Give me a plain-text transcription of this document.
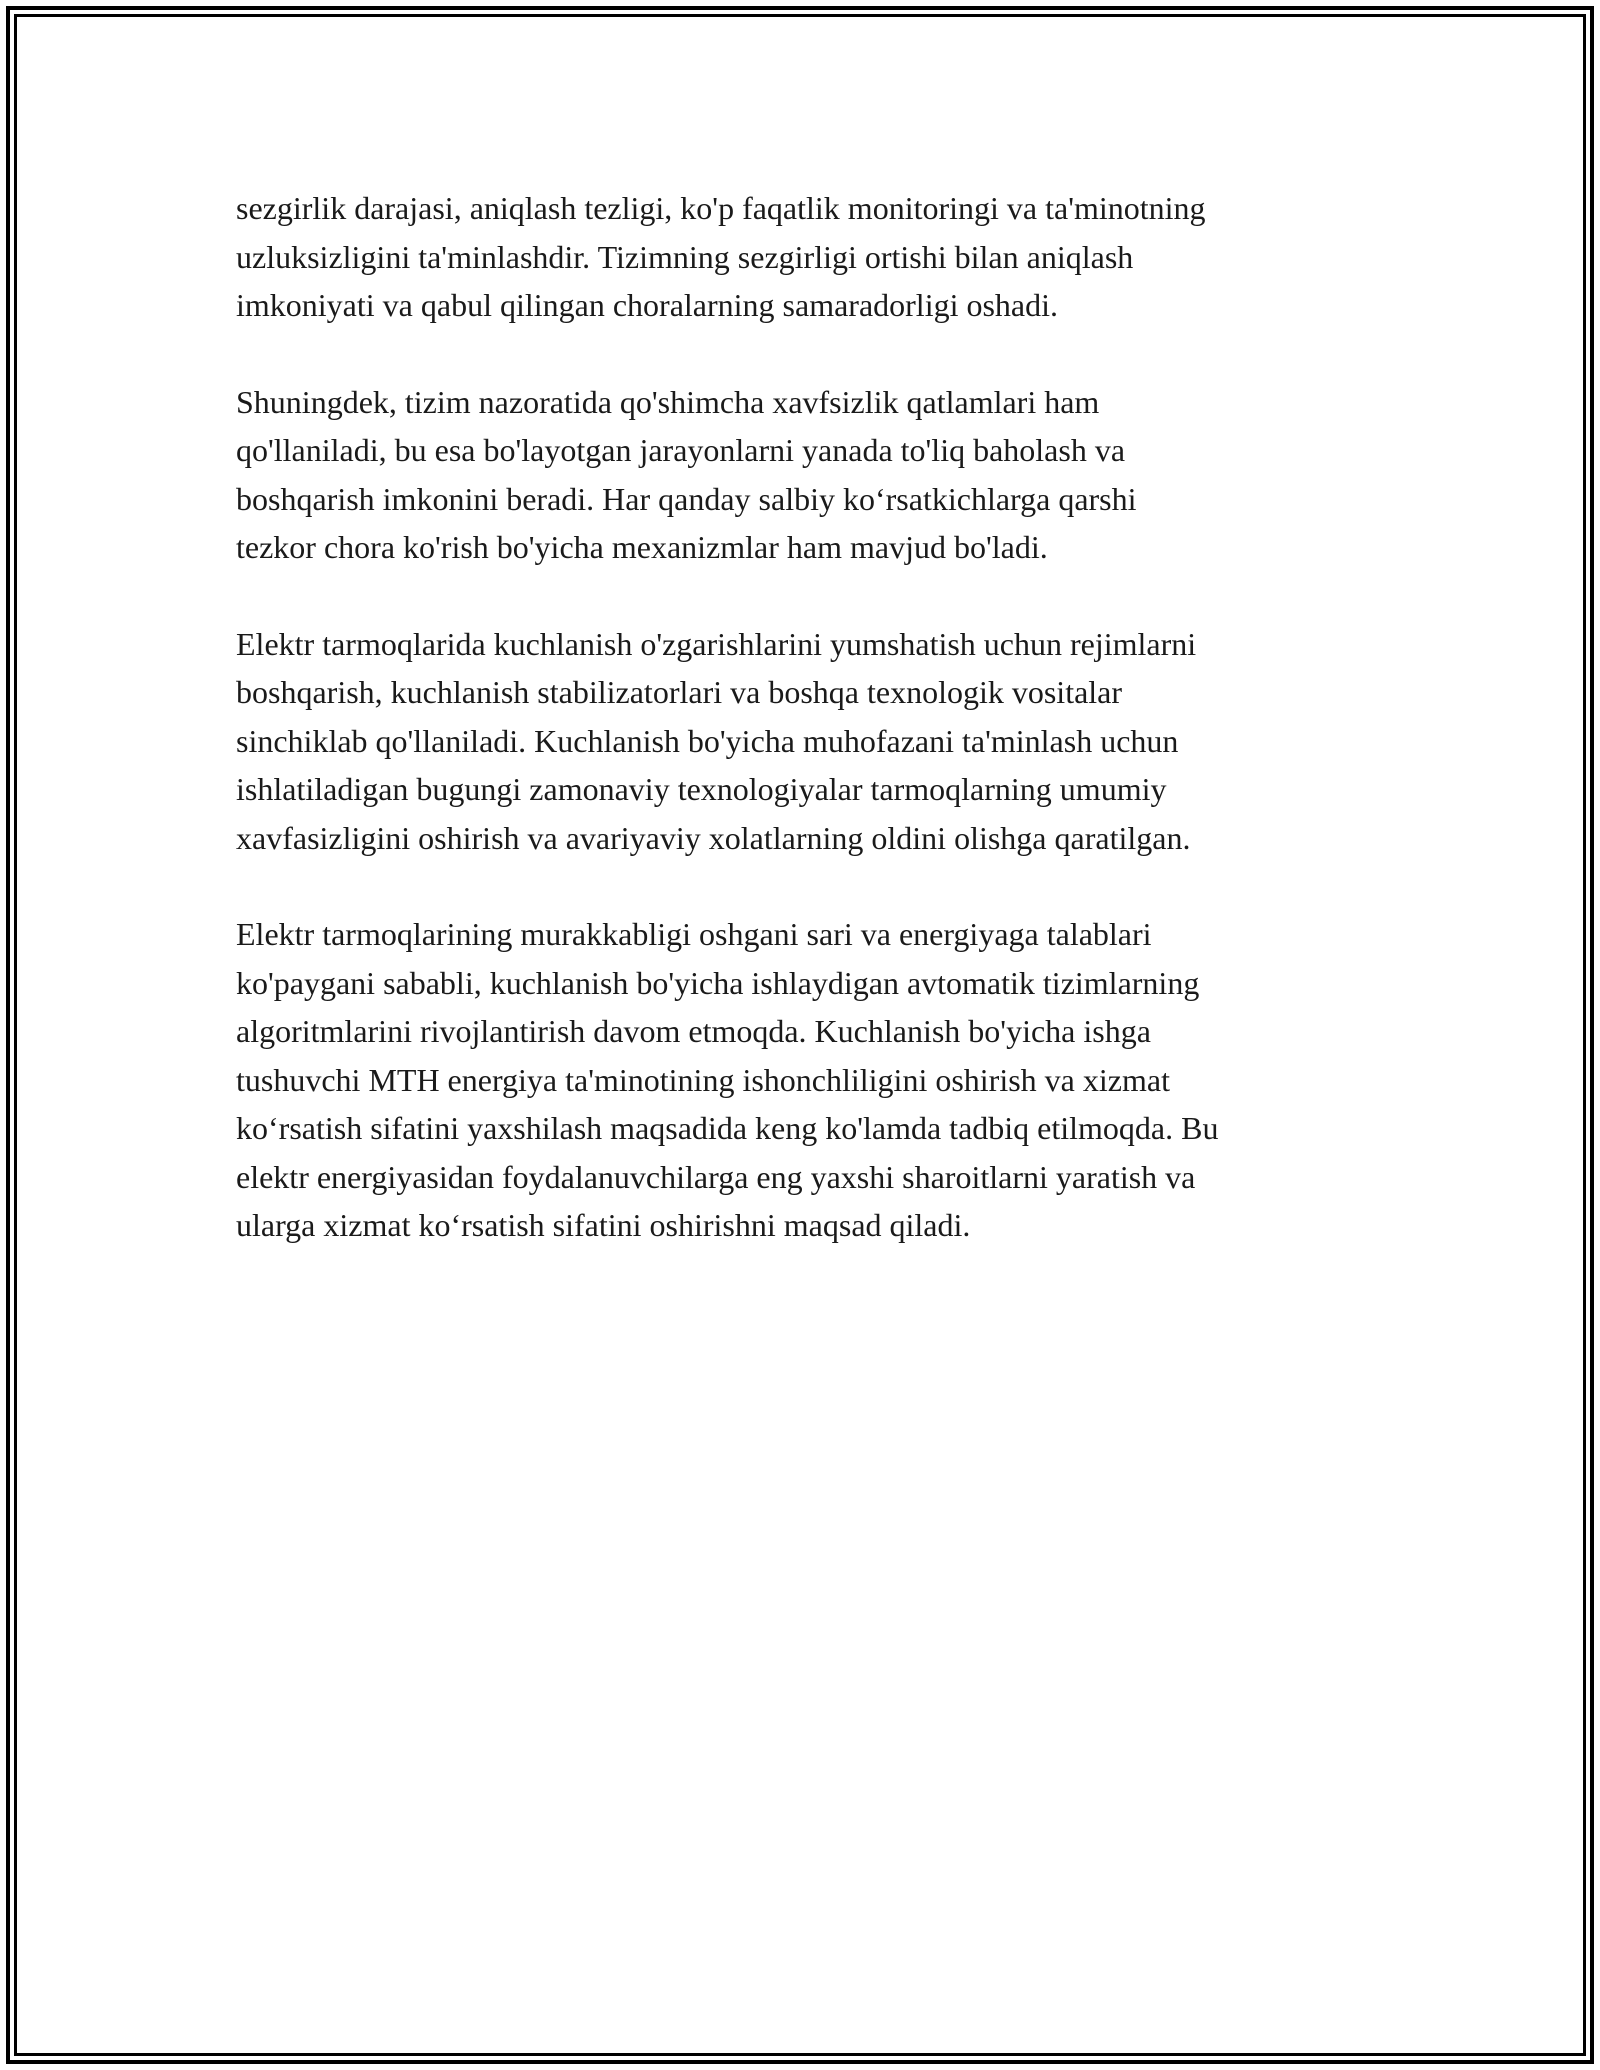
sezgirlik darajasi, aniqlash tezligi, ko'p faqatlik monitoringi va ta'minotning
uzluksizligini ta'minlashdir. Tizimning sezgirligi ortishi bilan aniqlash
imkoniyati va qabul qilingan choralarning samaradorligi oshadi.

Shuningdek, tizim nazoratida qo'shimcha xavfsizlik qatlamlari ham
qo'llaniladi, bu esa bo'layotgan jarayonlarni yanada to'liq baholash va
boshqarish imkonini beradi. Har qanday salbiy ko‘rsatkichlarga qarshi
tezkor chora ko'rish bo'yicha mexanizmlar ham mavjud bo'ladi.

Elektr tarmoqlarida kuchlanish o'zgarishlarini yumshatish uchun rejimlarni
boshqarish, kuchlanish stabilizatorlari va boshqa texnologik vositalar
sinchiklab qo'llaniladi. Kuchlanish bo'yicha muhofazani ta'minlash uchun
ishlatiladigan bugungi zamonaviy texnologiyalar tarmoqlarning umumiy
xavfasizligini oshirish va avariyaviy xolatlarning oldini olishga qaratilgan.

Elektr tarmoqlarining murakkabligi oshgani sari va energiyaga talablari
ko'paygani sababli, kuchlanish bo'yicha ishlaydigan avtomatik tizimlarning
algoritmlarini rivojlantirish davom etmoqda. Kuchlanish bo'yicha ishga
tushuvchi MTH energiya ta'minotining ishonchliligini oshirish va xizmat
ko‘rsatish sifatini yaxshilash maqsadida keng ko'lamda tadbiq etilmoqda. Bu
elektr energiyasidan foydalanuvchilarga eng yaxshi sharoitlarni yaratish va
ularga xizmat ko‘rsatish sifatini oshirishni maqsad qiladi.
